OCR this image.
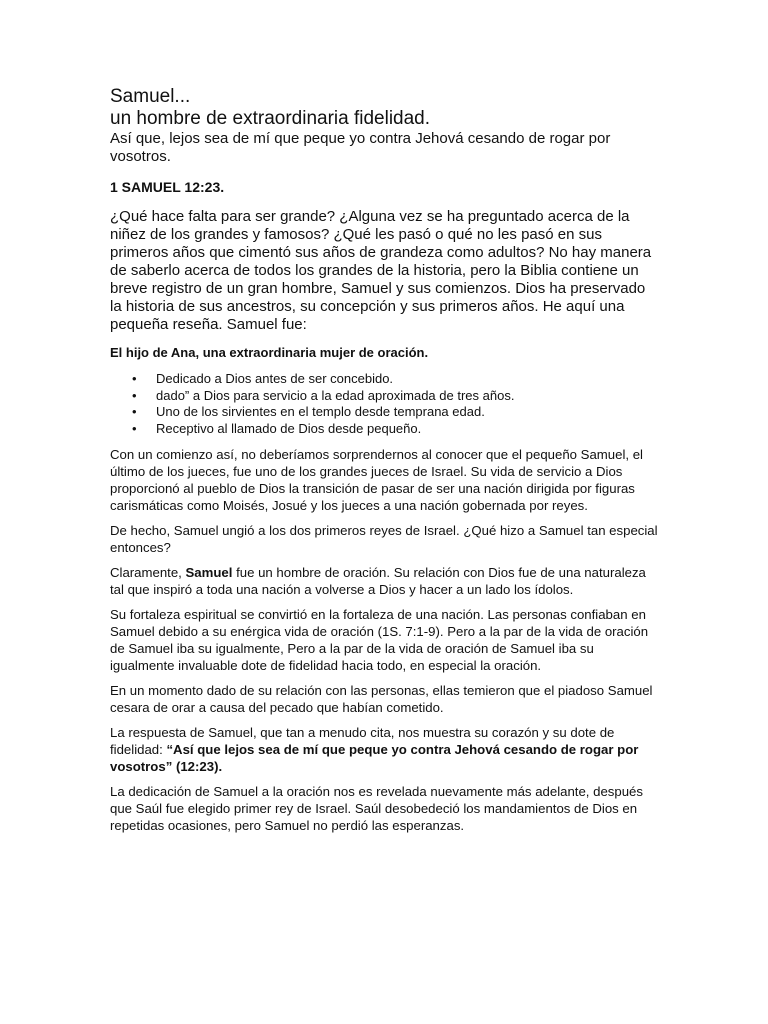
Samuel...
un hombre de extraordinaria fidelidad.

Así que, lejos sea de mí que peque yo contra Jehová cesando de rogar por vosotros.

1 SAMUEL 12:23.

¿Qué hace falta para ser grande? ¿Alguna vez se ha preguntado acerca de la niñez de los grandes y famosos? ¿Qué les pasó o qué no les pasó en sus primeros años que cimentó sus años de grandeza como adultos? No hay manera de saberlo acerca de todos los grandes de la historia, pero la Biblia contiene un breve registro de un gran hombre, Samuel y sus comienzos. Dios ha preservado la historia de sus ancestros, su concepción y sus primeros años. He aquí una pequeña reseña. Samuel fue:

El hijo de Ana, una extraordinaria mujer de oración.

• Dedicado a Dios antes de ser concebido.
• dado” a Dios para servicio a la edad aproximada de tres años.
• Uno de los sirvientes en el templo desde temprana edad.
• Receptivo al llamado de Dios desde pequeño.

Con un comienzo así, no deberíamos sorprendernos al conocer que el pequeño Samuel, el último de los jueces, fue uno de los grandes jueces de Israel. Su vida de servicio a Dios proporcionó al pueblo de Dios la transición de pasar de ser una nación dirigida por figuras carismáticas como Moisés, Josué y los jueces a una nación gobernada por reyes.

De hecho, Samuel ungió a los dos primeros reyes de Israel. ¿Qué hizo a Samuel tan especial entonces?

Claramente, Samuel fue un hombre de oración. Su relación con Dios fue de una naturaleza tal que inspiró a toda una nación a volverse a Dios y hacer a un lado los ídolos.

Su fortaleza espiritual se convirtió en la fortaleza de una nación. Las personas confiaban en Samuel debido a su enérgica vida de oración (1S. 7:1-9). Pero a la par de la vida de oración de Samuel iba su igualmente, Pero a la par de la vida de oración de Samuel iba su igualmente invaluable dote de fidelidad hacia todo, en especial la oración.

En un momento dado de su relación con las personas, ellas temieron que el piadoso Samuel cesara de orar a causa del pecado que habían cometido.

La respuesta de Samuel, que tan a menudo cita, nos muestra su corazón y su dote de fidelidad: “Así que lejos sea de mí que peque yo contra Jehová cesando de rogar por vosotros” (12:23).

La dedicación de Samuel a la oración nos es revelada nuevamente más adelante, después que Saúl fue elegido primer rey de Israel. Saúl desobedeció los mandamientos de Dios en repetidas ocasiones, pero Samuel no perdió las esperanzas.
